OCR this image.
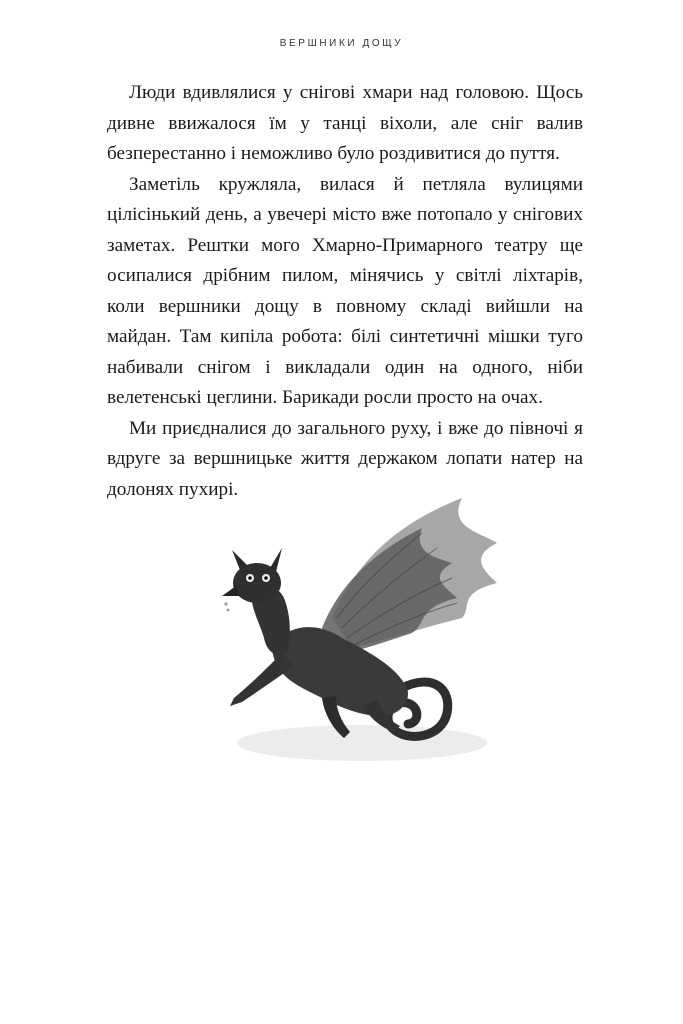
ВЕРШНИКИ ДОЩУ

Люди вдивлялися у снігові хмари над головою. Щось дивне ввижалося їм у танці віхоли, але сніг валив безперестанно і неможливо було роздивитися до пуття.

Заметіль кружляла, вилася й петляла вулицями цілісінький день, а увечері місто вже потопало у снігових заметах. Рештки мого Хмарно-Примарного театру ще осипалися дрібним пилом, мінячись у світлі ліхтарів, коли вершники дощу в повному складі вийшли на майдан. Там кипіла робота: білі синтетичні мішки туго набивали снігом і викладали один на одного, ніби велетенські цеглини. Барикади росли просто на очах.

Ми приєдналися до загального руху, і вже до півночі я вдруге за вершницьке життя держаком лопати натер на долонях пухирі.
